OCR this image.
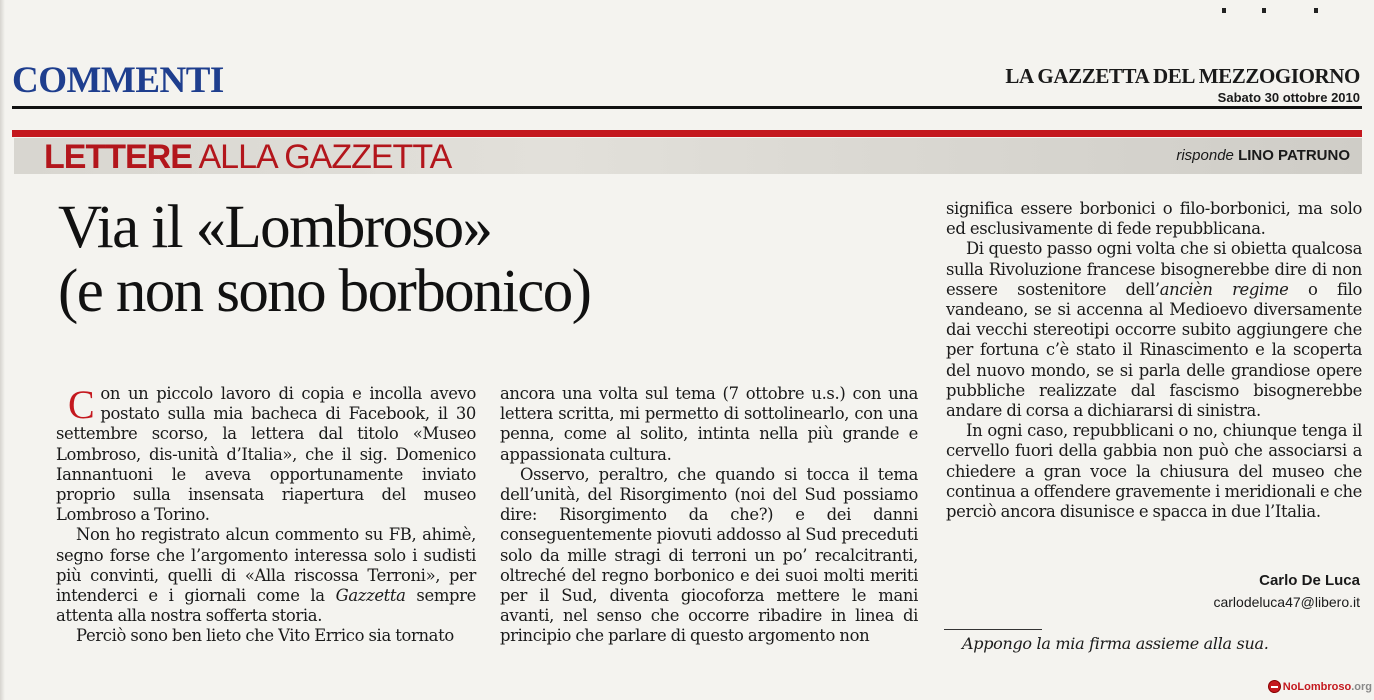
COMMENTI	LA GAZZETTA DEL MEZZOGIORNO
Sabato 30 ottobre 2010
LETTERE ALLA GAZZETTA	risponde LINO PATRUNO
Via il «Lombroso»
(e non sono borbonico)

Con un piccolo lavoro di copia e incolla avevo postato sulla mia bacheca di Facebook, il 30 settembre scorso, la lettera dal titolo «Museo Lombroso, dis-unità d’Italia», che il sig. Domenico Iannantuoni le aveva opportunamente inviato proprio sulla insensata riapertura del museo Lombroso a Torino.

Non ho registrato alcun commento su FB, ahimè, segno forse che l’argomento interessa solo i sudisti più convinti, quelli di «Alla riscossa Terroni», per intenderci e i giornali come la Gazzetta sempre attenta alla nostra sofferta storia.

Perciò sono ben lieto che Vito Errico sia tornato

ancora una volta sul tema (7 ottobre u.s.) con una lettera scritta, mi permetto di sottolinearlo, con una penna, come al solito, intinta nella più grande e appassionata cultura.

Osservo, peraltro, che quando si tocca il tema dell’unità, del Risorgimento (noi del Sud possiamo dire: Risorgimento da che?) e dei danni conseguentemente piovuti addosso al Sud preceduti solo da mille stragi di terroni un po’ recalcitranti, oltreché del regno borbonico e dei suoi molti meriti per il Sud, diventa giocoforza mettere le mani avanti, nel senso che occorre ribadire in linea di principio che parlare di questo argomento non

significa essere borbonici o filo-borbonici, ma solo ed esclusivamente di fede repubblicana.

Di questo passo ogni volta che si obietta qualcosa sulla Rivoluzione francese bisognerebbe dire di non essere sostenitore dell’ancièn regime o filo vandeano, se si accenna al Medioevo diversamente dai vecchi stereotipi occorre subito aggiungere che per fortuna c’è stato il Rinascimento e la scoperta del nuovo mondo, se si parla delle grandiose opere pubbliche realizzate dal fascismo bisognerebbe andare di corsa a dichiararsi di sinistra.

In ogni caso, repubblicani o no, chiunque tenga il cervello fuori della gabbia non può che associarsi a chiedere a gran voce la chiusura del museo che continua a offendere gravemente i meridionali e che perciò ancora disunisce e spacca in due l’Italia.

Carlo De Luca
carlodeluca47@libero.it
Appongo la mia firma assieme alla sua.
NoLombroso .org
